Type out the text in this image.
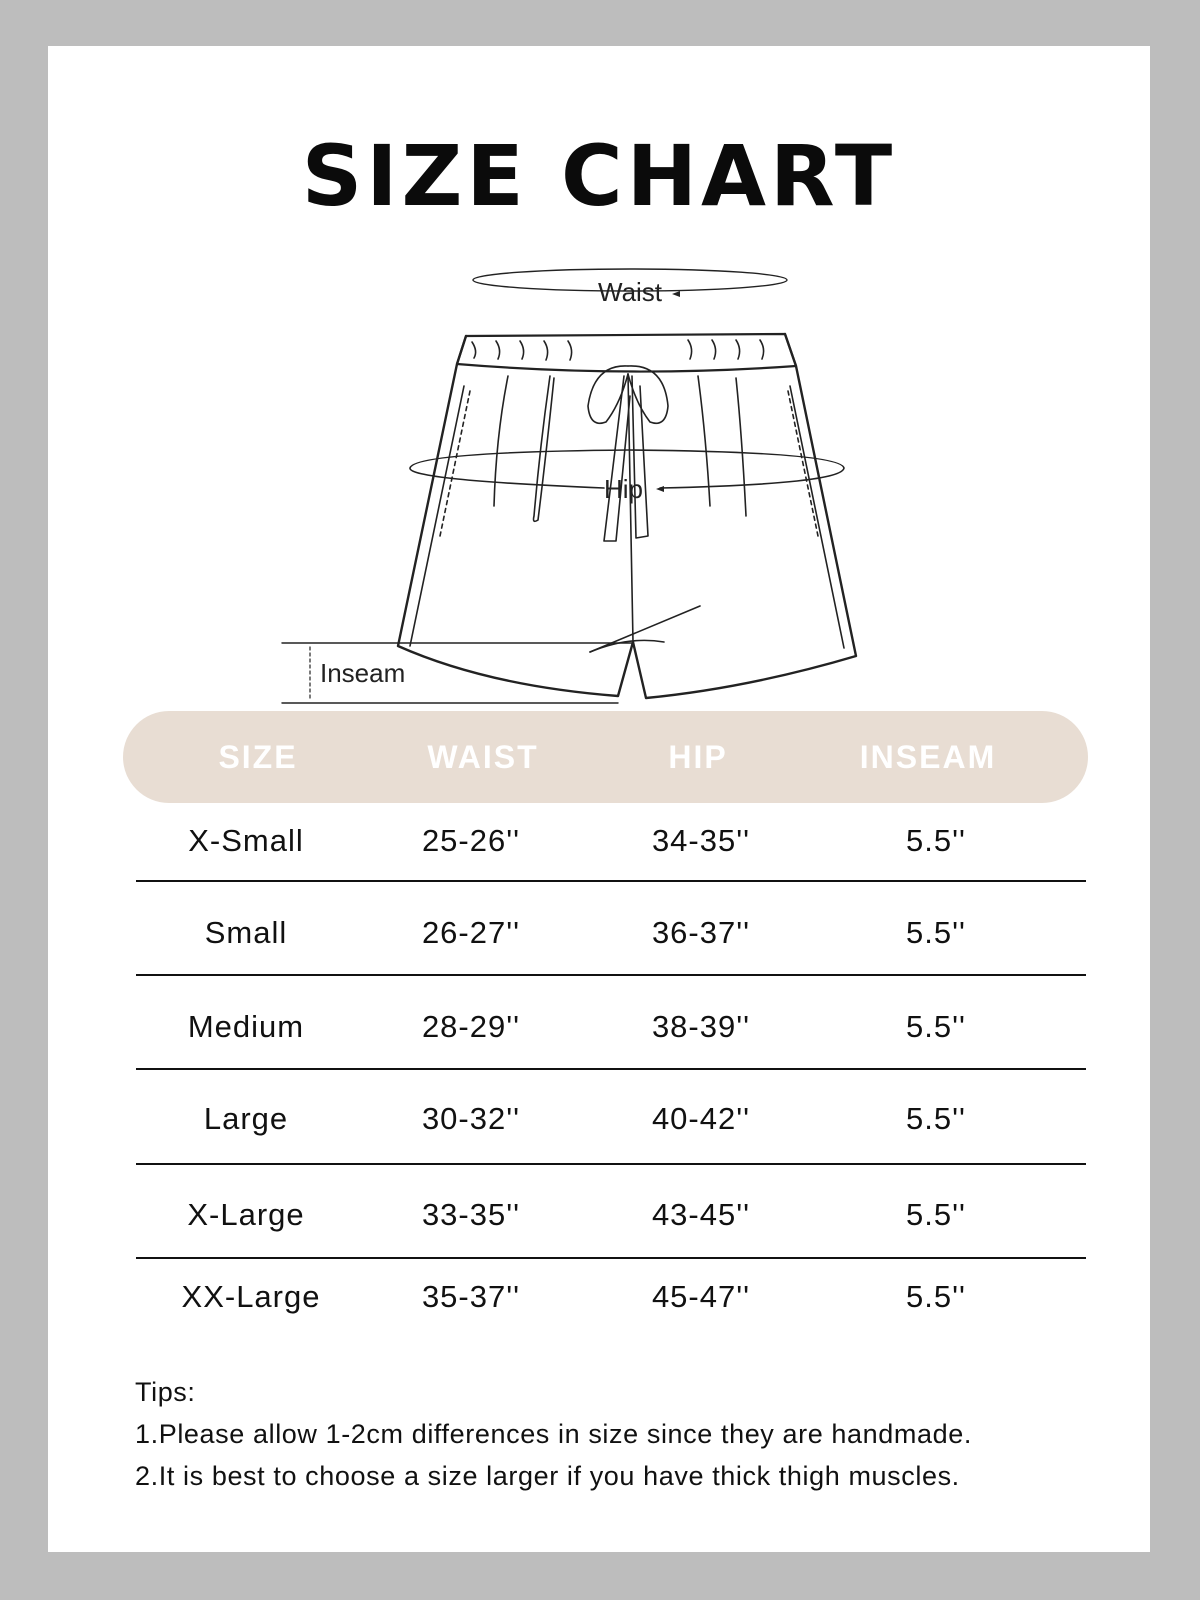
SIZE CHART
Waist
Hip
Inseam
SIZE	WAIST	HIP	INSEAM
X-Small	25-26''	34-35''	5.5''
Small	26-27''	36-37''	5.5''
Medium	28-29''	38-39''	5.5''
Large	30-32''	40-42''	5.5''
X-Large	33-35''	43-45''	5.5''
XX-Large	35-37''	45-47''	5.5''
Tips:
1.Please allow 1-2cm differences in size since they are handmade.
2.It is best to choose a size larger if you have thick thigh muscles.
